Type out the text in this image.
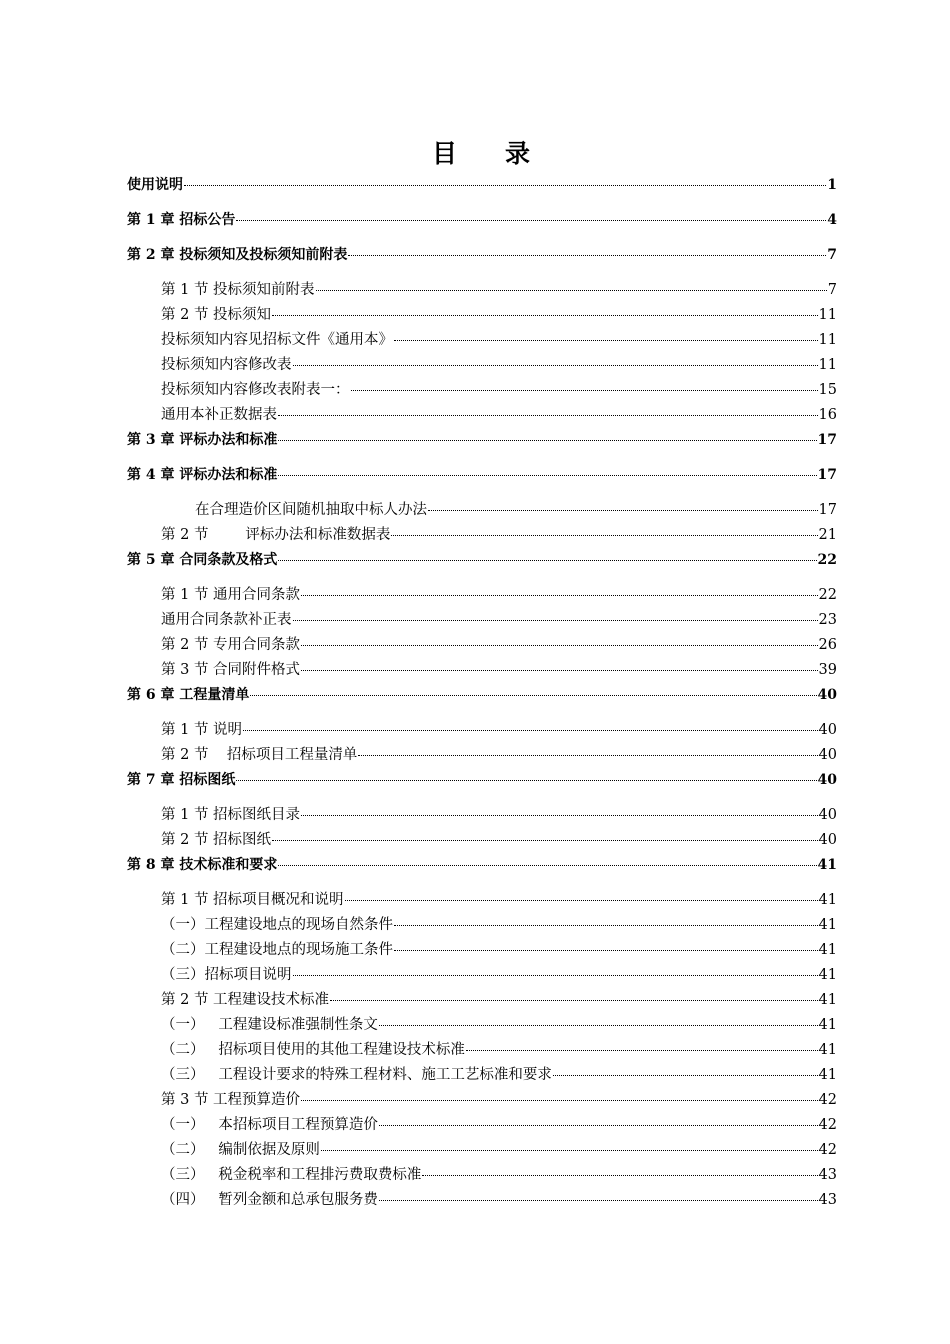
目 录
使用说明	1
第 1 章 招标公告	4
第 2 章 投标须知及投标须知前附表	7
第 1 节 投标须知前附表	7
第 2 节 投标须知	11
投标须知内容见招标文件《通用本》	11
投标须知内容修改表	11
投标须知内容修改表附表一：	15
通用本补正数据表	16
第 3 章 评标办法和标准	17
第 4 章 评标办法和标准	17
在合理造价区间随机抽取中标人办法	17
第 2 节        评标办法和标准数据表	21
第 5 章 合同条款及格式	22
第 1 节 通用合同条款	22
通用合同条款补正表	23
第 2 节 专用合同条款	26
第 3 节 合同附件格式	39
第 6 章 工程量清单	40
第 1 节 说明	40
第 2 节    招标项目工程量清单	40
第 7 章 招标图纸	40
第 1 节 招标图纸目录	40
第 2 节 招标图纸	40
第 8 章 技术标准和要求	41
第 1 节 招标项目概况和说明	41
（一）工程建设地点的现场自然条件	41
（二）工程建设地点的现场施工条件	41
（三）招标项目说明	41
第 2 节 工程建设技术标准	41
（一）   工程建设标准强制性条文	41
（二）   招标项目使用的其他工程建设技术标准	41
（三）   工程设计要求的特殊工程材料、施工工艺标准和要求	41
第 3 节 工程预算造价	42
（一）   本招标项目工程预算造价	42
（二）   编制依据及原则	42
（三）   税金税率和工程排污费取费标准	43
（四）   暂列金额和总承包服务费	43
